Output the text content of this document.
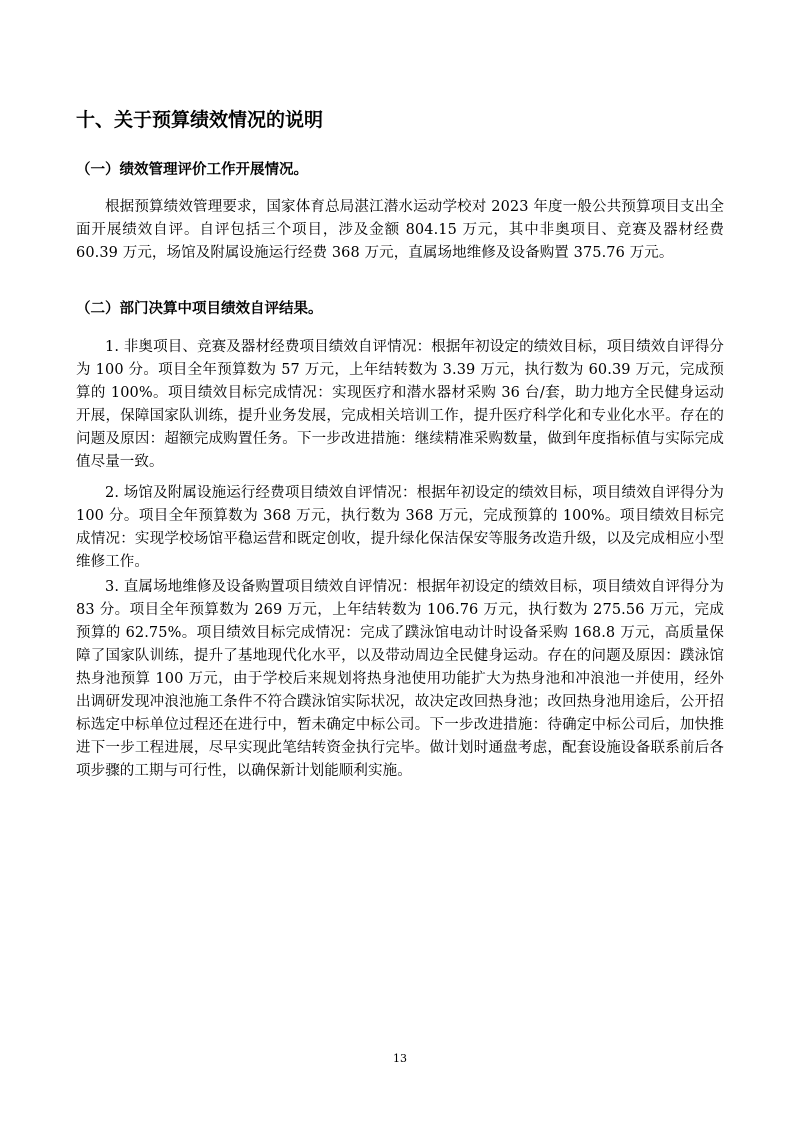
十、关于预算绩效情况的说明
（一）绩效管理评价工作开展情况。

根据预算绩效管理要求，国家体育总局湛江潜水运动学校对 2023 年度一般公共预算项目支出全面开展绩效自评。自评包括三个项目，涉及金额 804.15 万元，其中非奥项目、竞赛及器材经费 60.39 万元，场馆及附属设施运行经费 368 万元，直属场地维修及设备购置 375.76 万元。

（二）部门决算中项目绩效自评结果。

1. 非奥项目、竞赛及器材经费项目绩效自评情况：根据年初设定的绩效目标，项目绩效自评得分为 100 分。项目全年预算数为 57 万元，上年结转数为 3.39 万元，执行数为 60.39 万元，完成预算的 100%。项目绩效目标完成情况：实现医疗和潜水器材采购 36 台/套，助力地方全民健身运动开展，保障国家队训练，提升业务发展，完成相关培训工作，提升医疗科学化和专业化水平。存在的问题及原因：超额完成购置任务。下一步改进措施：继续精准采购数量，做到年度指标值与实际完成值尽量一致。

2. 场馆及附属设施运行经费项目绩效自评情况：根据年初设定的绩效目标，项目绩效自评得分为 100 分。项目全年预算数为 368 万元，执行数为 368 万元，完成预算的 100%。项目绩效目标完成情况：实现学校场馆平稳运营和既定创收，提升绿化保洁保安等服务改造升级，以及完成相应小型维修工作。

3. 直属场地维修及设备购置项目绩效自评情况：根据年初设定的绩效目标，项目绩效自评得分为 83 分。项目全年预算数为 269 万元，上年结转数为 106.76 万元，执行数为 275.56 万元，完成预算的 62.75%。项目绩效目标完成情况：完成了蹼泳馆电动计时设备采购 168.8 万元，高质量保障了国家队训练，提升了基地现代化水平，以及带动周边全民健身运动。存在的问题及原因：蹼泳馆热身池预算 100 万元，由于学校后来规划将热身池使用功能扩大为热身池和冲浪池一并使用，经外出调研发现冲浪池施工条件不符合蹼泳馆实际状况，故决定改回热身池；改回热身池用途后，公开招标选定中标单位过程还在进行中，暂未确定中标公司。下一步改进措施：待确定中标公司后，加快推进下一步工程进展，尽早实现此笔结转资金执行完毕。做计划时通盘考虑，配套设施设备联系前后各项步骤的工期与可行性，以确保新计划能顺利实施。

13
